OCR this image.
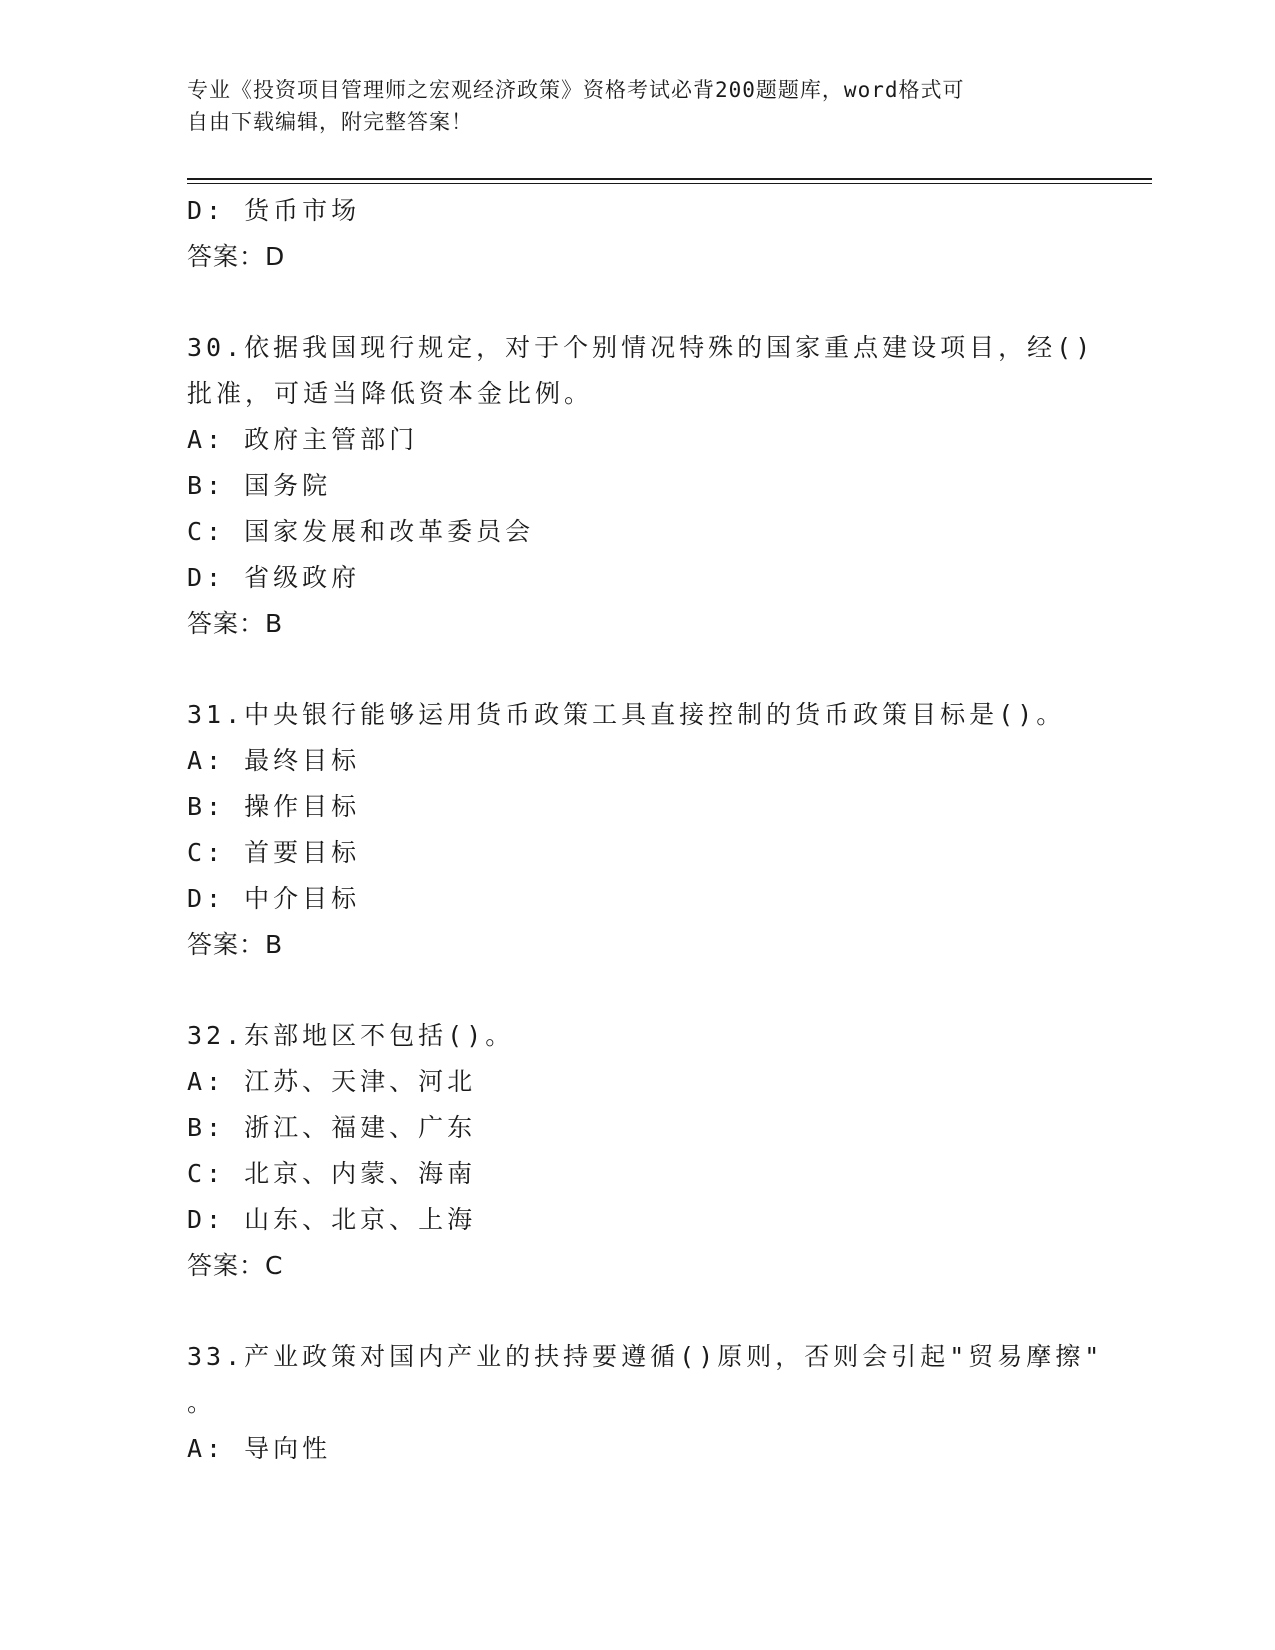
专业《投资项目管理师之宏观经济政策》资格考试必背200题题库，word格式可
自由下载编辑，附完整答案！
D: 货币市场
答案：D
30.依据我国现行规定，对于个别情况特殊的国家重点建设项目，经()
批准，可适当降低资本金比例。
A: 政府主管部门
B: 国务院
C: 国家发展和改革委员会
D: 省级政府
答案：B
31.中央银行能够运用货币政策工具直接控制的货币政策目标是()。
A: 最终目标
B: 操作目标
C: 首要目标
D: 中介目标
答案：B
32.东部地区不包括()。
A: 江苏、天津、河北
B: 浙江、福建、广东
C: 北京、内蒙、海南
D: 山东、北京、上海
答案：C
33.产业政策对国内产业的扶持要遵循()原则，否则会引起"贸易摩擦"
。
A: 导向性
